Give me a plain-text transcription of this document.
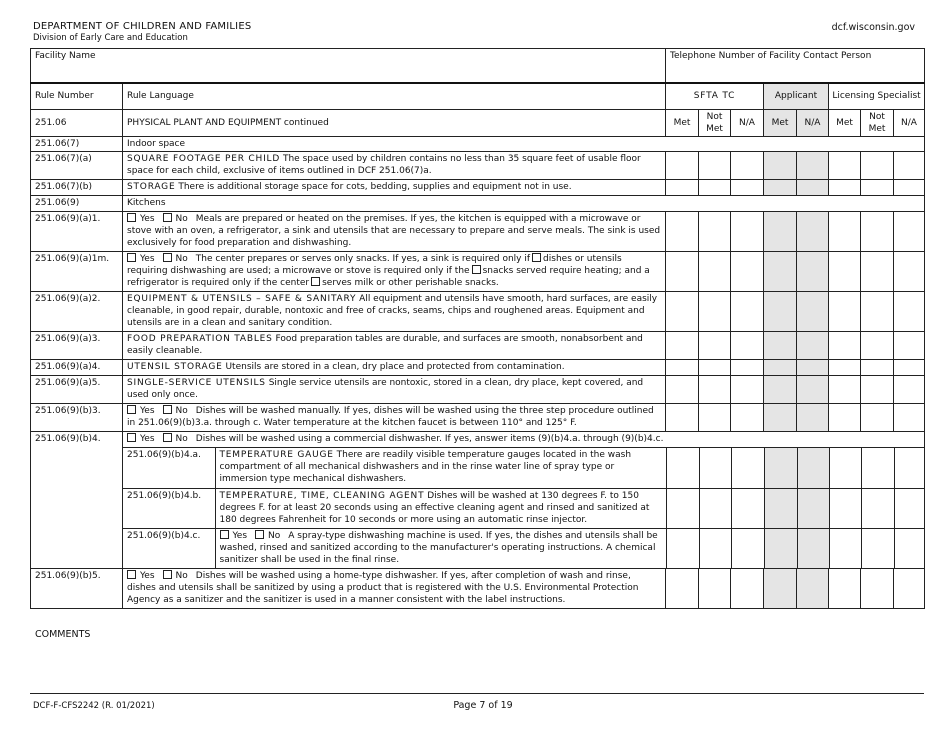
DEPARTMENT OF CHILDREN AND FAMILIES
Division of Early Care and Education
dcf.wisconsin.gov
Facility Name		Telephone Number of Facility Contact Person		
Rule Number	Rule Language	SFTA TC	Applicant	Licensing Specialist

251.06	PHYSICAL PLANT AND EQUIPMENT continued	Met	Not Met	N/A	Met	N/A	Met	Not Met	N/A
251.06(7)	Indoor space
251.06(7)(a)	SQUARE FOOTAGE PER CHILD The space used by children contains no less than 35 square feet of usable floor space for each child, exclusive of items outlined in DCF 251.06(7)a.								
251.06(7)(b)	STORAGE There is additional storage space for cots, bedding, supplies and equipment not in use.								
251.06(9)	Kitchens
251.06(9)(a)1.	Yes No Meals are prepared or heated on the premises. If yes, the kitchen is equipped with a microwave or stove with an oven, a refrigerator, a sink and utensils that are necessary to prepare and serve meals. The sink is used exclusively for food preparation and dishwashing.								
251.06(9)(a)1m.	Yes No The center prepares or serves only snacks. If yes, a sink is required only if dishes or utensils requiring dishwashing are used; a microwave or stove is required only if the snacks served require heating; and a refrigerator is required only if the center serves milk or other perishable snacks.								
251.06(9)(a)2.	EQUIPMENT & UTENSILS – SAFE & SANITARY All equipment and utensils have smooth, hard surfaces, are easily cleanable, in good repair, durable, nontoxic and free of cracks, seams, chips and roughened areas. Equipment and utensils are in a clean and sanitary condition.								
251.06(9)(a)3.	FOOD PREPARATION TABLES Food preparation tables are durable, and surfaces are smooth, nonabsorbent and easily cleanable.								
251.06(9)(a)4.	UTENSIL STORAGE Utensils are stored in a clean, dry place and protected from contamination.								
251.06(9)(a)5.	SINGLE-SERVICE UTENSILS Single service utensils are nontoxic, stored in a clean, dry place, kept covered, and used only once.								
251.06(9)(b)3.	Yes No Dishes will be washed manually. If yes, dishes will be washed using the three step procedure outlined in 251.06(9)(b)3.a. through c. Water temperature at the kitchen faucet is between 110° and 125° F.								
251.06(9)(b)4.	Yes No Dishes will be washed using a commercial dishwasher. If yes, answer items (9)(b)4.a. through (9)(b)4.c.

251.06(9)(b)4.a.	TEMPERATURE GAUGE There are readily visible temperature gauges located in the wash compartment of all mechanical dishwashers and in the rinse water line of spray type or immersion type mechanical dishwashers.								
251.06(9)(b)4.b.	TEMPERATURE, TIME, CLEANING AGENT Dishes will be washed at 130 degrees F. to 150 degrees F. for at least 20 seconds using an effective cleaning agent and rinsed and sanitized at 180 degrees Fahrenheit for 10 seconds or more using an automatic rinse injector.								
251.06(9)(b)4.c.	Yes No A spray-type dishwashing machine is used. If yes, the dishes and utensils shall be washed, rinsed and sanitized according to the manufacturer's operating instructions. A chemical sanitizer shall be used in the final rinse.								

251.06(9)(b)5.	Yes No Dishes will be washed using a home-type dishwasher. If yes, after completion of wash and rinse, dishes and utensils shall be sanitized by using a product that is registered with the U.S. Environmental Protection Agency as a sanitizer and the sanitizer is used in a manner consistent with the label instructions.								
COMMENTS
DCF-F-CFS2242 (R. 01/2021)	Page 7 of 19
